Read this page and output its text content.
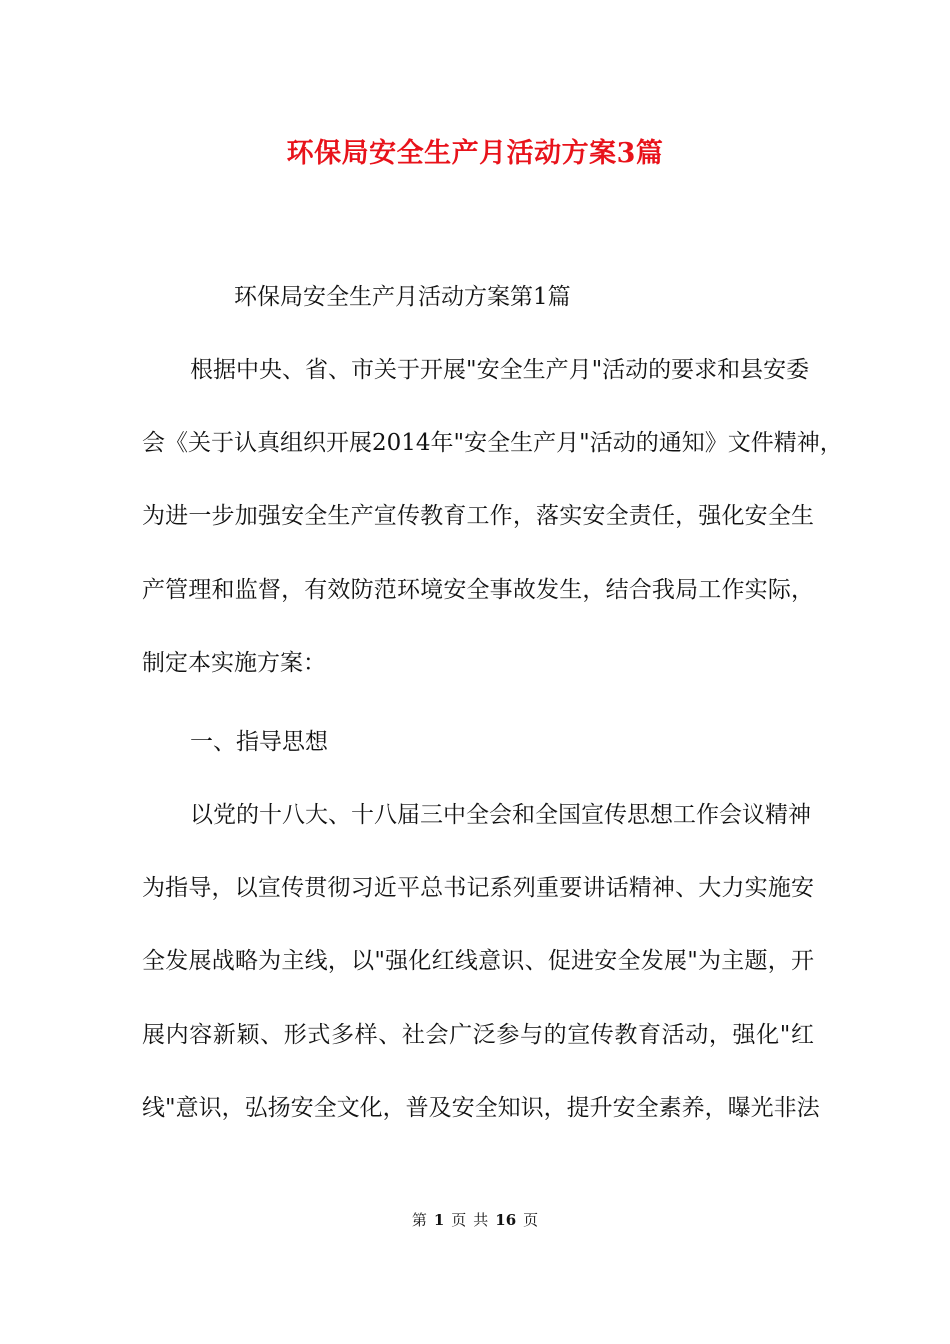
环保局安全生产月活动方案3篇
环保局安全生产月活动方案第1篇
根据中央、省、市关于开展"安全生产月"活动的要求和县安委
会《关于认真组织开展2014年"安全生产月"活动的通知》文件精神，
为进一步加强安全生产宣传教育工作，落实安全责任，强化安全生
产管理和监督，有效防范环境安全事故发生，结合我局工作实际，
制定本实施方案：
一、指导思想
以党的十八大、十八届三中全会和全国宣传思想工作会议精神
为指导，以宣传贯彻习近平总书记系列重要讲话精神、大力实施安
全发展战略为主线，以"强化红线意识、促进安全发展"为主题，开
展内容新颖、形式多样、社会广泛参与的宣传教育活动，强化"红
线"意识，弘扬安全文化，普及安全知识，提升安全素养，曝光非法
第 1 页 共 16 页
